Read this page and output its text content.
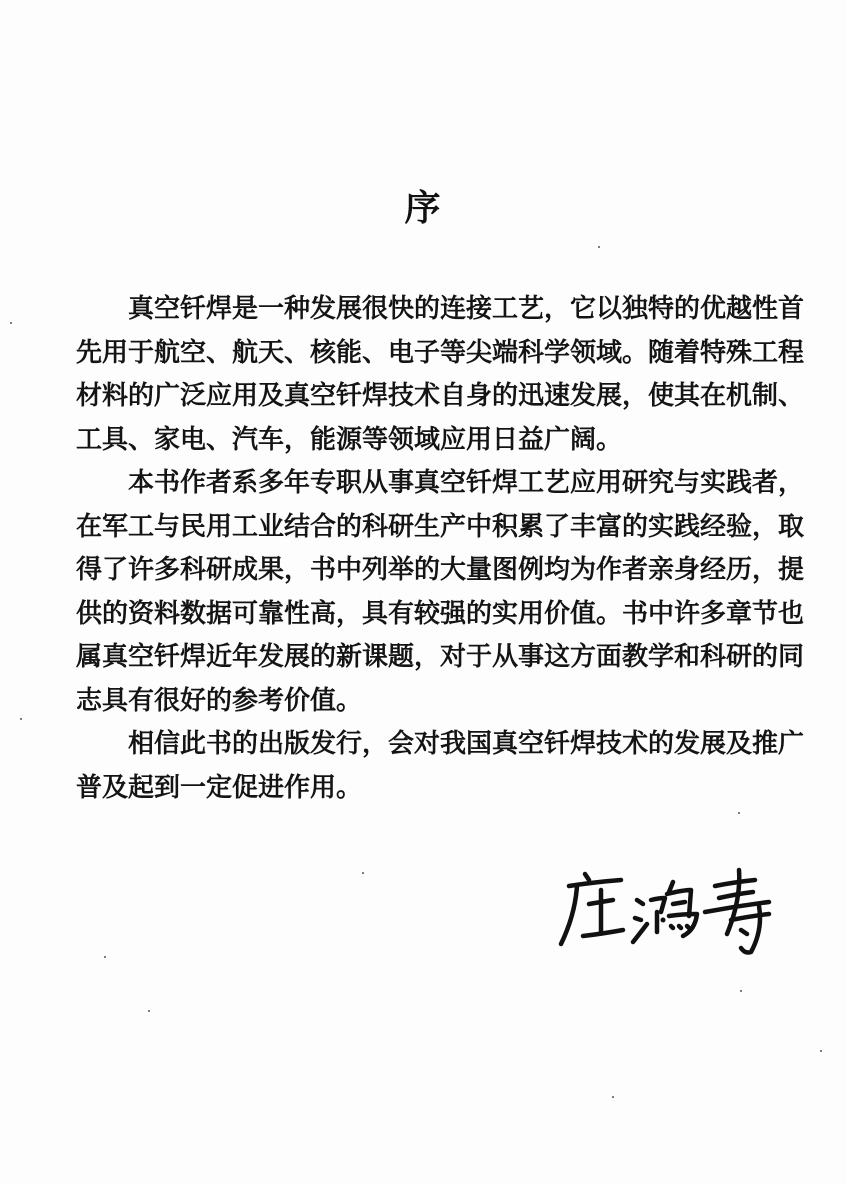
序

真空钎焊是一种发展很快的连接工艺，它以独特的优越性首先用于航空、航天、核能、电子等尖端科学领域。随着特殊工程材料的广泛应用及真空钎焊技术自身的迅速发展，使其在机制、工具、家电、汽车，能源等领域应用日益广阔。

本书作者系多年专职从事真空钎焊工艺应用研究与实践者，在军工与民用工业结合的科研生产中积累了丰富的实践经验，取得了许多科研成果，书中列举的大量图例均为作者亲身经历，提供的资料数据可靠性高，具有较强的实用价值。书中许多章节也属真空钎焊近年发展的新课题，对于从事这方面教学和科研的同志具有很好的参考价值。

相信此书的出版发行，会对我国真空钎焊技术的发展及推广普及起到一定促进作用。
